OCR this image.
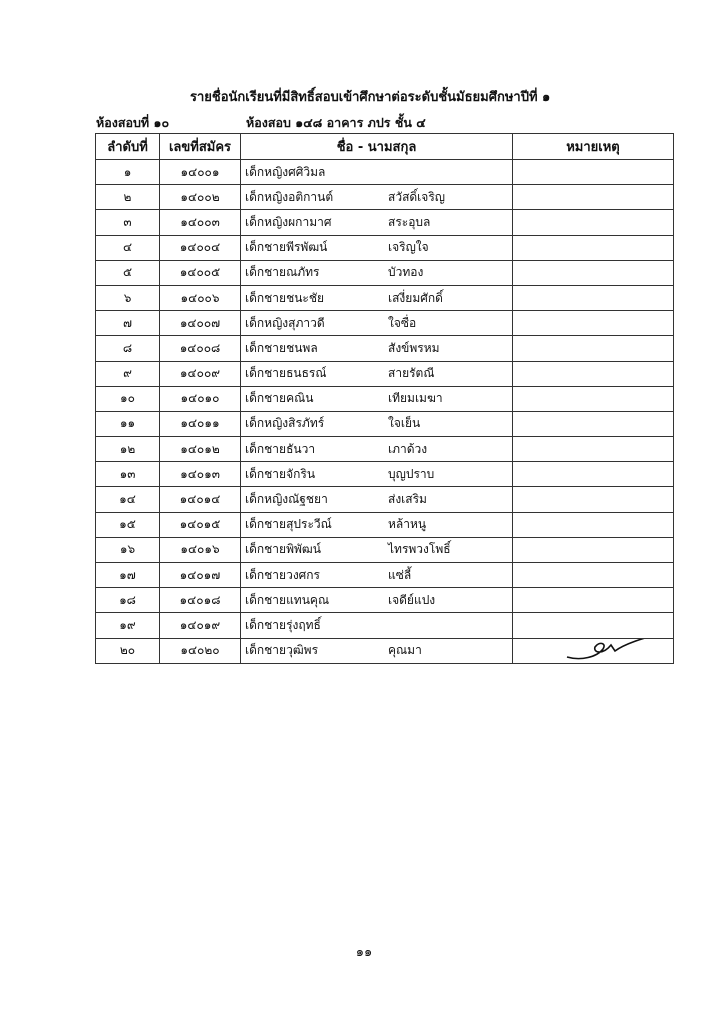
รายชื่อนักเรียนที่มีสิทธิ์สอบเข้าศึกษาต่อระดับชั้นมัธยมศึกษาปีที่ ๑
ห้องสอบที่ ๑๐	ห้องสอบ ๑๔๘ อาคาร ภปร ชั้น ๔
ลำดับที่	เลขที่สมัคร	ชื่อ - นามสกุล	หมายเหตุ
๑	๑๔๐๐๑	เด็กหญิงศศิวิมล	
๒	๑๔๐๐๒	เด็กหญิงอติกานต์ สวัสดิ์เจริญ	
๓	๑๔๐๐๓	เด็กหญิงผกามาศ สระอุบล	
๔	๑๔๐๐๔	เด็กชายพีรพัฒน์ เจริญใจ	
๕	๑๔๐๐๕	เด็กชายณภัทร บัวทอง	
๖	๑๔๐๐๖	เด็กชายชนะชัย เสงี่ยมศักดิ์	
๗	๑๔๐๐๗	เด็กหญิงสุภาวดี ใจซื่อ	
๘	๑๔๐๐๘	เด็กชายชนพล สังข์พรหม	
๙	๑๔๐๐๙	เด็กชายธนธรณ์ สายรัตณี	
๑๐	๑๔๐๑๐	เด็กชายคณิน เทียมเมฆา	
๑๑	๑๔๐๑๑	เด็กหญิงสิรภัทร์ ใจเย็น	
๑๒	๑๔๐๑๒	เด็กชายธันวา เภาด้วง	
๑๓	๑๔๐๑๓	เด็กชายจักริน บุญปราบ	
๑๔	๑๔๐๑๔	เด็กหญิงณัฐชยา ส่งเสริม	
๑๕	๑๔๐๑๕	เด็กชายสุประวีณ์ หล้าหนู	
๑๖	๑๔๐๑๖	เด็กชายพิพัฒน์ ไทรพวงโพธิ์	
๑๗	๑๔๐๑๗	เด็กชายวงศกร แซ่ลี้	
๑๘	๑๔๐๑๘	เด็กชายแทนคุณ เจดีย์แปง	
๑๙	๑๔๐๑๙	เด็กชายรุ่งฤทธิ์	
๒๐	๑๔๐๒๐	เด็กชายวุฒิพร คุณมา	
๑๑
